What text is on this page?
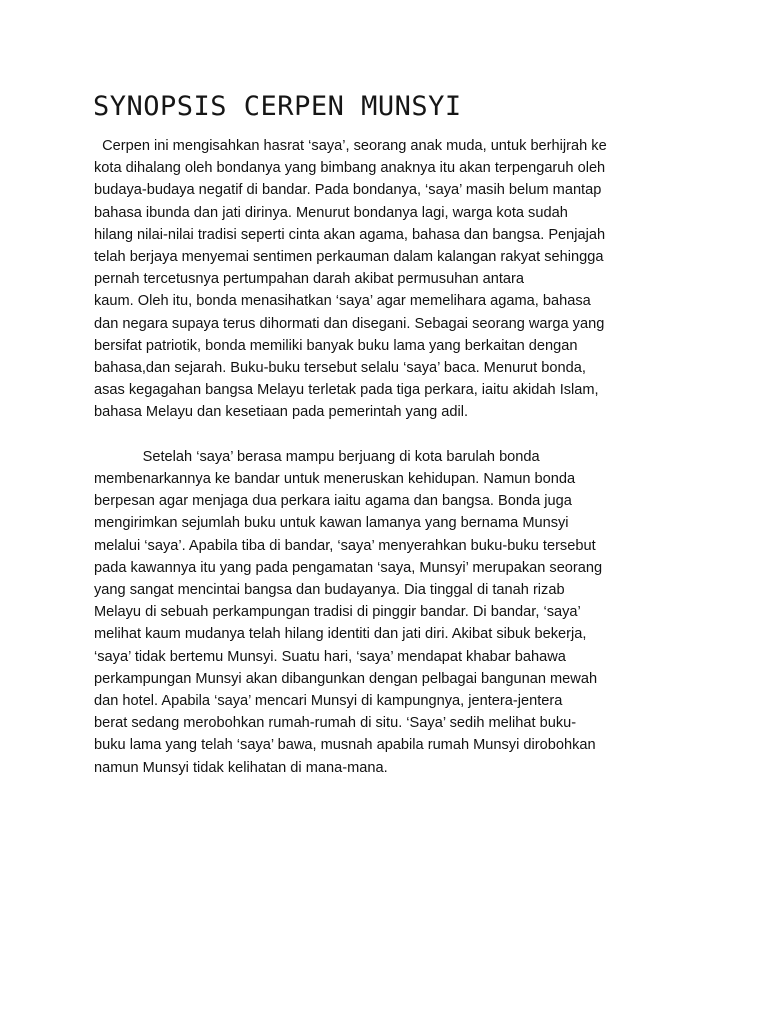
SYNOPSIS CERPEN MUNSYI

Cerpen ini mengisahkan hasrat ‘saya’, seorang anak muda, untuk berhijrah ke
kota dihalang oleh bondanya yang bimbang anaknya itu akan terpengaruh oleh
budaya-budaya negatif di bandar. Pada bondanya, ‘saya’ masih belum mantap
bahasa ibunda dan jati dirinya. Menurut bondanya lagi, warga kota sudah
hilang nilai-nilai tradisi seperti cinta akan agama, bahasa dan bangsa. Penjajah
telah berjaya menyemai sentimen perkauman dalam kalangan rakyat sehingga
pernah tercetusnya pertumpahan darah akibat permusuhan antara
kaum. Oleh itu, bonda menasihatkan ‘saya’ agar memelihara agama, bahasa
dan negara supaya terus dihormati dan disegani. Sebagai seorang warga yang
bersifat patriotik, bonda memiliki banyak buku lama yang berkaitan dengan
bahasa,dan sejarah. Buku-buku tersebut selalu ‘saya’ baca. Menurut bonda,
asas kegagahan bangsa Melayu terletak pada tiga perkara, iaitu akidah Islam,
bahasa Melayu dan kesetiaan pada pemerintah yang adil.

Setelah ‘saya’ berasa mampu berjuang di kota barulah bonda
membenarkannya ke bandar untuk meneruskan kehidupan. Namun bonda
berpesan agar menjaga dua perkara iaitu agama dan bangsa. Bonda juga
mengirimkan sejumlah buku untuk kawan lamanya yang bernama Munsyi
melalui ‘saya’. Apabila tiba di bandar, ‘saya’ menyerahkan buku-buku tersebut
pada kawannya itu yang pada pengamatan ‘saya, Munsyi’ merupakan seorang
yang sangat mencintai bangsa dan budayanya. Dia tinggal di tanah rizab
Melayu di sebuah perkampungan tradisi di pinggir bandar. Di bandar, ‘saya’
melihat kaum mudanya telah hilang identiti dan jati diri. Akibat sibuk bekerja,
‘saya’ tidak bertemu Munsyi. Suatu hari, ‘saya’ mendapat khabar bahawa
perkampungan Munsyi akan dibangunkan dengan pelbagai bangunan mewah
dan hotel. Apabila ‘saya’ mencari Munsyi di kampungnya, jentera-jentera
berat sedang merobohkan rumah-rumah di situ. ‘Saya’ sedih melihat buku-
buku lama yang telah ‘saya’ bawa, musnah apabila rumah Munsyi dirobohkan
namun Munsyi tidak kelihatan di mana-mana.
